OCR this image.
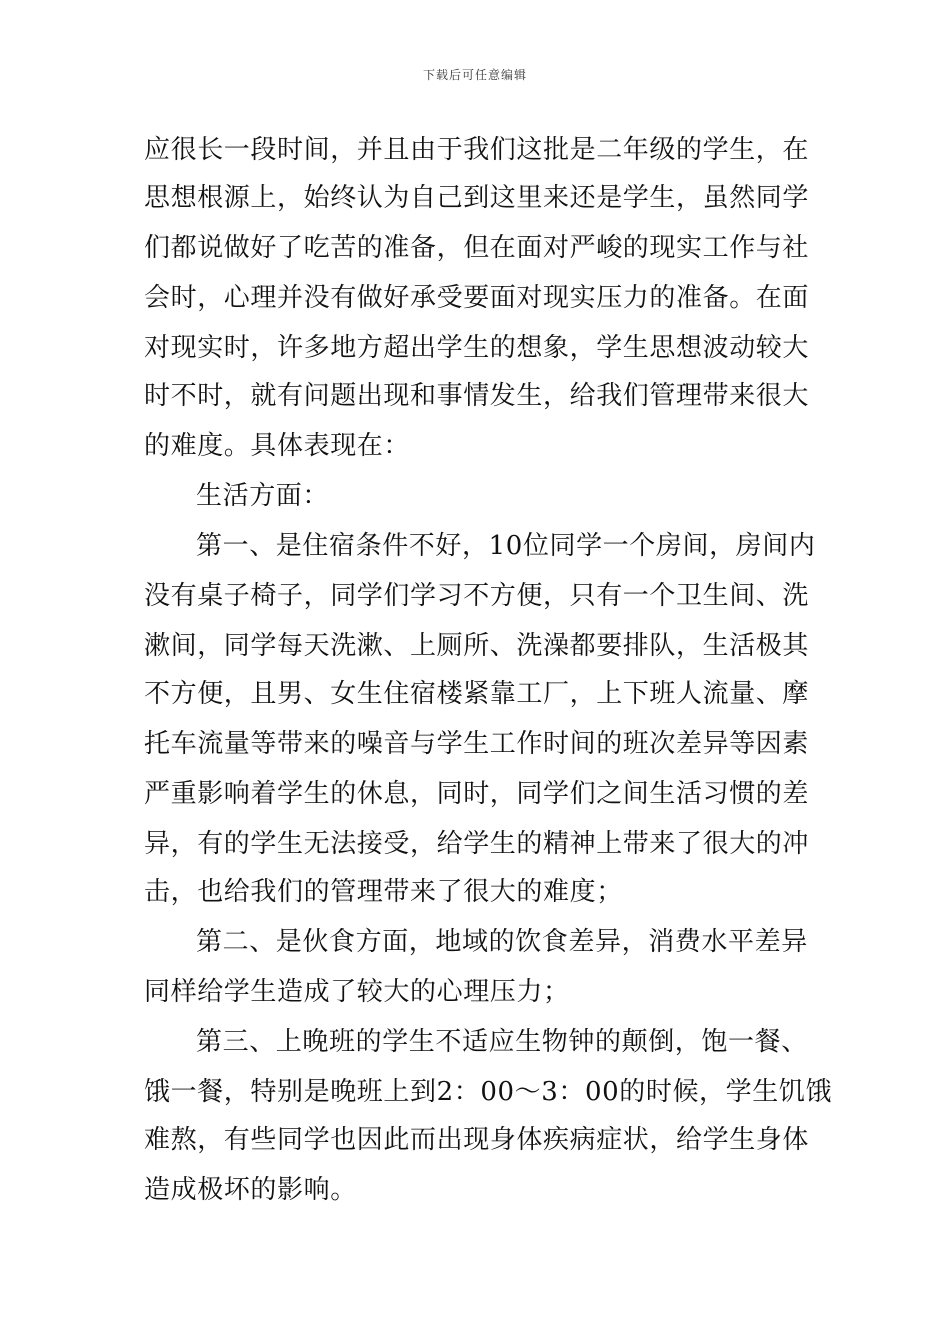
下载后可任意编辑
应很长一段时间，并且由于我们这批是二年级的学生，在
思想根源上，始终认为自己到这里来还是学生，虽然同学
们都说做好了吃苦的准备，但在面对严峻的现实工作与社
会时，心理并没有做好承受要面对现实压力的准备。在面
对现实时，许多地方超出学生的想象，学生思想波动较大
时不时，就有问题出现和事情发生，给我们管理带来很大
的难度。具体表现在：
生活方面：
第一、是住宿条件不好，10位同学一个房间，房间内
没有桌子椅子，同学们学习不方便，只有一个卫生间、洗
漱间，同学每天洗漱、上厕所、洗澡都要排队，生活极其
不方便，且男、女生住宿楼紧靠工厂，上下班人流量、摩
托车流量等带来的噪音与学生工作时间的班次差异等因素
严重影响着学生的休息，同时，同学们之间生活习惯的差
异，有的学生无法接受，给学生的精神上带来了很大的冲
击，也给我们的管理带来了很大的难度；
第二、是伙食方面，地域的饮食差异，消费水平差异
同样给学生造成了较大的心理压力；
第三、上晚班的学生不适应生物钟的颠倒，饱一餐、
饿一餐，特别是晚班上到2：00～3：00的时候，学生饥饿
难熬，有些同学也因此而出现身体疾病症状，给学生身体
造成极坏的影响。
